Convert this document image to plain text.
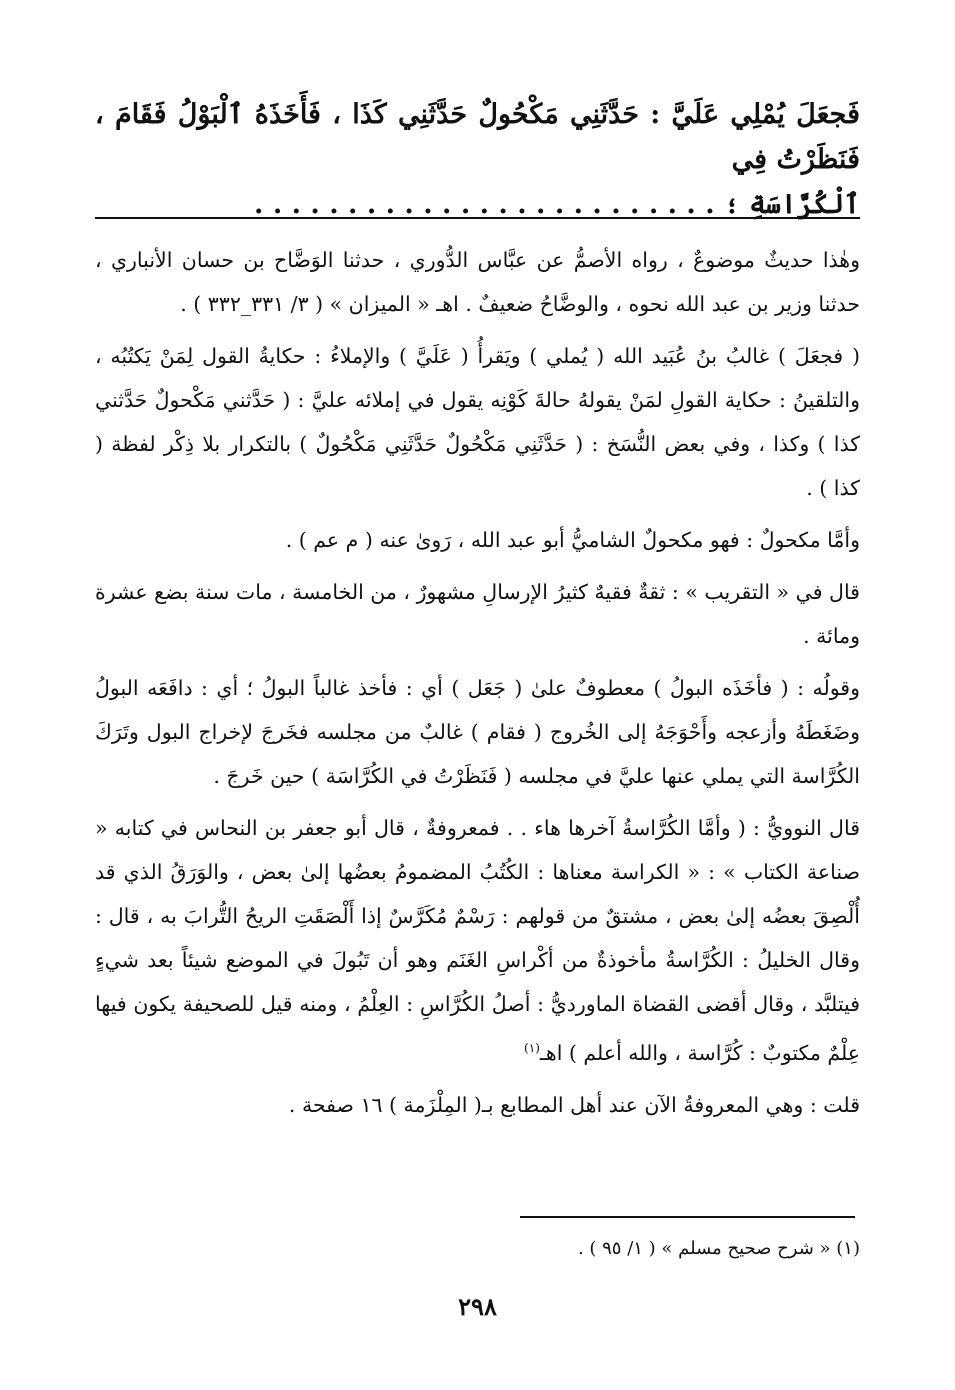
فَجعَلَ يُمْلِي عَلَيَّ : حَدَّثَنِي مَكْحُولٌ حَدَّثَنِي كَذَا ، فَأَخَذَهُ ٱلْبَوْلُ فَقَامَ ، فَنَظَرْتُ فِي
ٱلْكُرَّاسَةِ ؛ . . . . . . . . . . . . . . . . . . . . . . . . .

وهٰذا حديثٌ موضوعٌ ، رواه الأصمُّ عن عبَّاس الدُّوري ، حدثنا الوَضَّاح بن حسان الأنباري ، حدثنا وزير بن عبد الله نحوه ، والوضَّاحُ ضعيفٌ . اهـ « الميزان » ( ٣/ ٣٣١_٣٣٢ ) .

( فجعَلَ ) غالبُ بنُ عُبَيد الله ( يُملي ) ويَقرأُ ( عَلَيَّ ) والإملاءُ : حكايةُ القول لِمَنْ يَكتُبُه ، والتلقينُ : حكاية القولِ لمَنْ يقولهُ حالةَ كَوْنِه يقول في إملائه عليَّ : ( حَدَّثني مَكْحولٌ حَدَّثني كذا ) وكذا ، وفي بعض النُّسَخ : ( حَدَّثَنِي مَكْحُولٌ حَدَّثَنِي مَكْحُولٌ ) بالتكرار بلا ذِكْر لفظة ( كذا ) .

وأمَّا مكحولٌ : فهو مكحولٌ الشاميُّ أبو عبد الله ، رَوىٰ عنه ( م عم ) .

قال في « التقريب » : ثقةٌ فقيهٌ كثيرُ الإرسالِ مشهورٌ ، من الخامسة ، مات سنة بضع عشرة ومائة .

وقولُه : ( فأخَذَه البولُ ) معطوفٌ علىٰ ( جَعَل ) أي : فأخذ غالباً البولُ ؛ أي : دافَعَه البولُ وضَغَطَهُ وأزعجه وأَحْوَجَهُ إلى الخُروج ( فقام ) غالبٌ من مجلسه فخَرجَ لإخراج البول وتَرَكَ الكُرَّاسة التي يملي عنها عليَّ في مجلسه ( فَنَظَرْتُ في الكُرَّاسَة ) حين خَرجَ .

قال النوويُّ : ( وأمَّا الكُرَّاسةُ آخرها هاء . . فمعروفةٌ ، قال أبو جعفر بن النحاس في كتابه « صناعة الكتاب » : « الكراسة معناها : الكُتُبُ المضمومُ بعضُها إلىٰ بعض ، والوَرَقُ الذي قد أُلْصِقَ بعضُه إلىٰ بعض ، مشتقٌ من قولهم : رَسْمٌ مُكَرَّسٌ إذا أَلْصَقَتِ الريحُ التُّرابَ به ، قال : وقال الخليلُ : الكُرَّاسةُ مأخوذةٌ من أكْراسِ الغَنَم وهو أن تَبُولَ في الموضع شيئاً بعد شيءٍ فيتلبَّد ، وقال أقضى القضاة الماورديُّ : أصلُ الكُرَّاسِ : العِلْمُ ، ومنه قيل للصحيفة يكون فيها عِلْمٌ مكتوبٌ : كُرَّاسة ، والله أعلم ) اهـ$^{(١)}$

قلت : وهي المعروفةُ الآن عند أهل المطابع بـ( المِلْزَمة ) ١٦ صفحة .

(١) « شرح صحيح مسلم » ( ١/ ٩٥ ) .
٢٩٨
